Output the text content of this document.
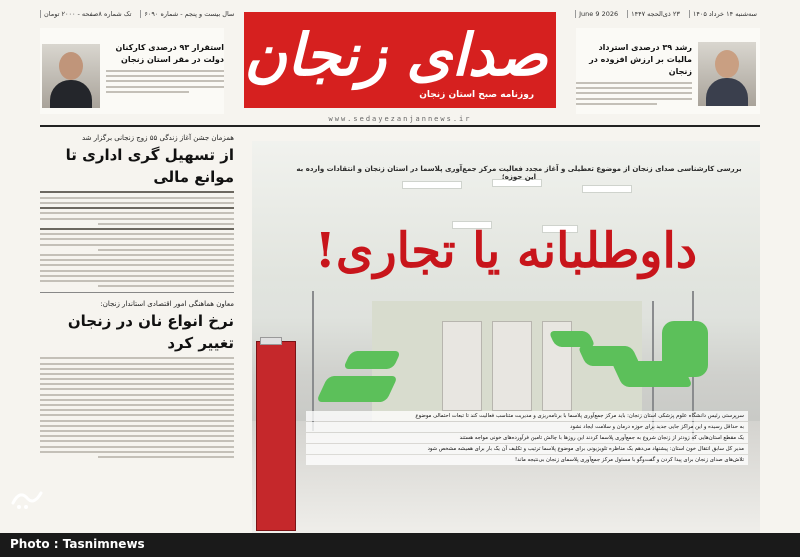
سه‌شنبه ۱۴ خرداد ۱۴۰۵
۲۳ ذی‌الحجه ۱۴۴۷
June 9 2026
سال بیست و پنجم - شماره ۶۰۹۰
تک شماره ۸صفحه - ۲۰۰۰ تومان
رشد ۳۹ درصدی استرداد مالیات بر ارزش افزوده در زنجان
صدای زنجان
روزنامه صبح استان زنجان
www.sedayezanjannews.ir
استقرار ۹۳ درصدی کارکنان دولت در مقر استان زنجان
همزمان جشن آغاز زندگی ۵۵ زوج زنجانی برگزار شد
از تسهیل گری اداری تا موانع مالی
معاون هماهنگی امور اقتصادی استاندار زنجان:
نرخ انواع نان در زنجان تغییر کرد
بررسی کارشناسی صدای زنجان از موضوع تعطیلی و آغاز مجدد فعالیت مرکز جمع‌آوری پلاسما در استان زنجان و انتقادات وارده به این حوزه؛
داوطلبانه یا تجاری!
سرپرستی رئیس دانشگاه علوم پزشکی استان زنجان: باید مرکز جمع‌آوری پلاسما با برنامه‌ریزی و مدیریت متناسب فعالیت کند تا تبعات احتمالی موضوع
به حداقل رسیده و این مراکز جایی جدید برای حوزه درمان و سلامت ایجاد نشود
یک مقطع استان‌هایی که زودتر از زنجان شروع به جمع‌آوری پلاسما کردند این روزها با چالش تامین فرآورده‌های خونی مواجه هستند
مدیر کل سابق انتقال خون استان: پیشنهاد می‌دهم یک مناظره تلویزیونی برای موضوع پلاسما ترتیب و تکلیف آن یک بار برای همیشه مشخص شود
تلاش‌های صدای زنجان برای پیدا کردن و گفت‌وگو با مسئول مرکز جمع‌آوری پلاسمای زنجان بی‌نتیجه ماند!
Photo : Tasnimnews
